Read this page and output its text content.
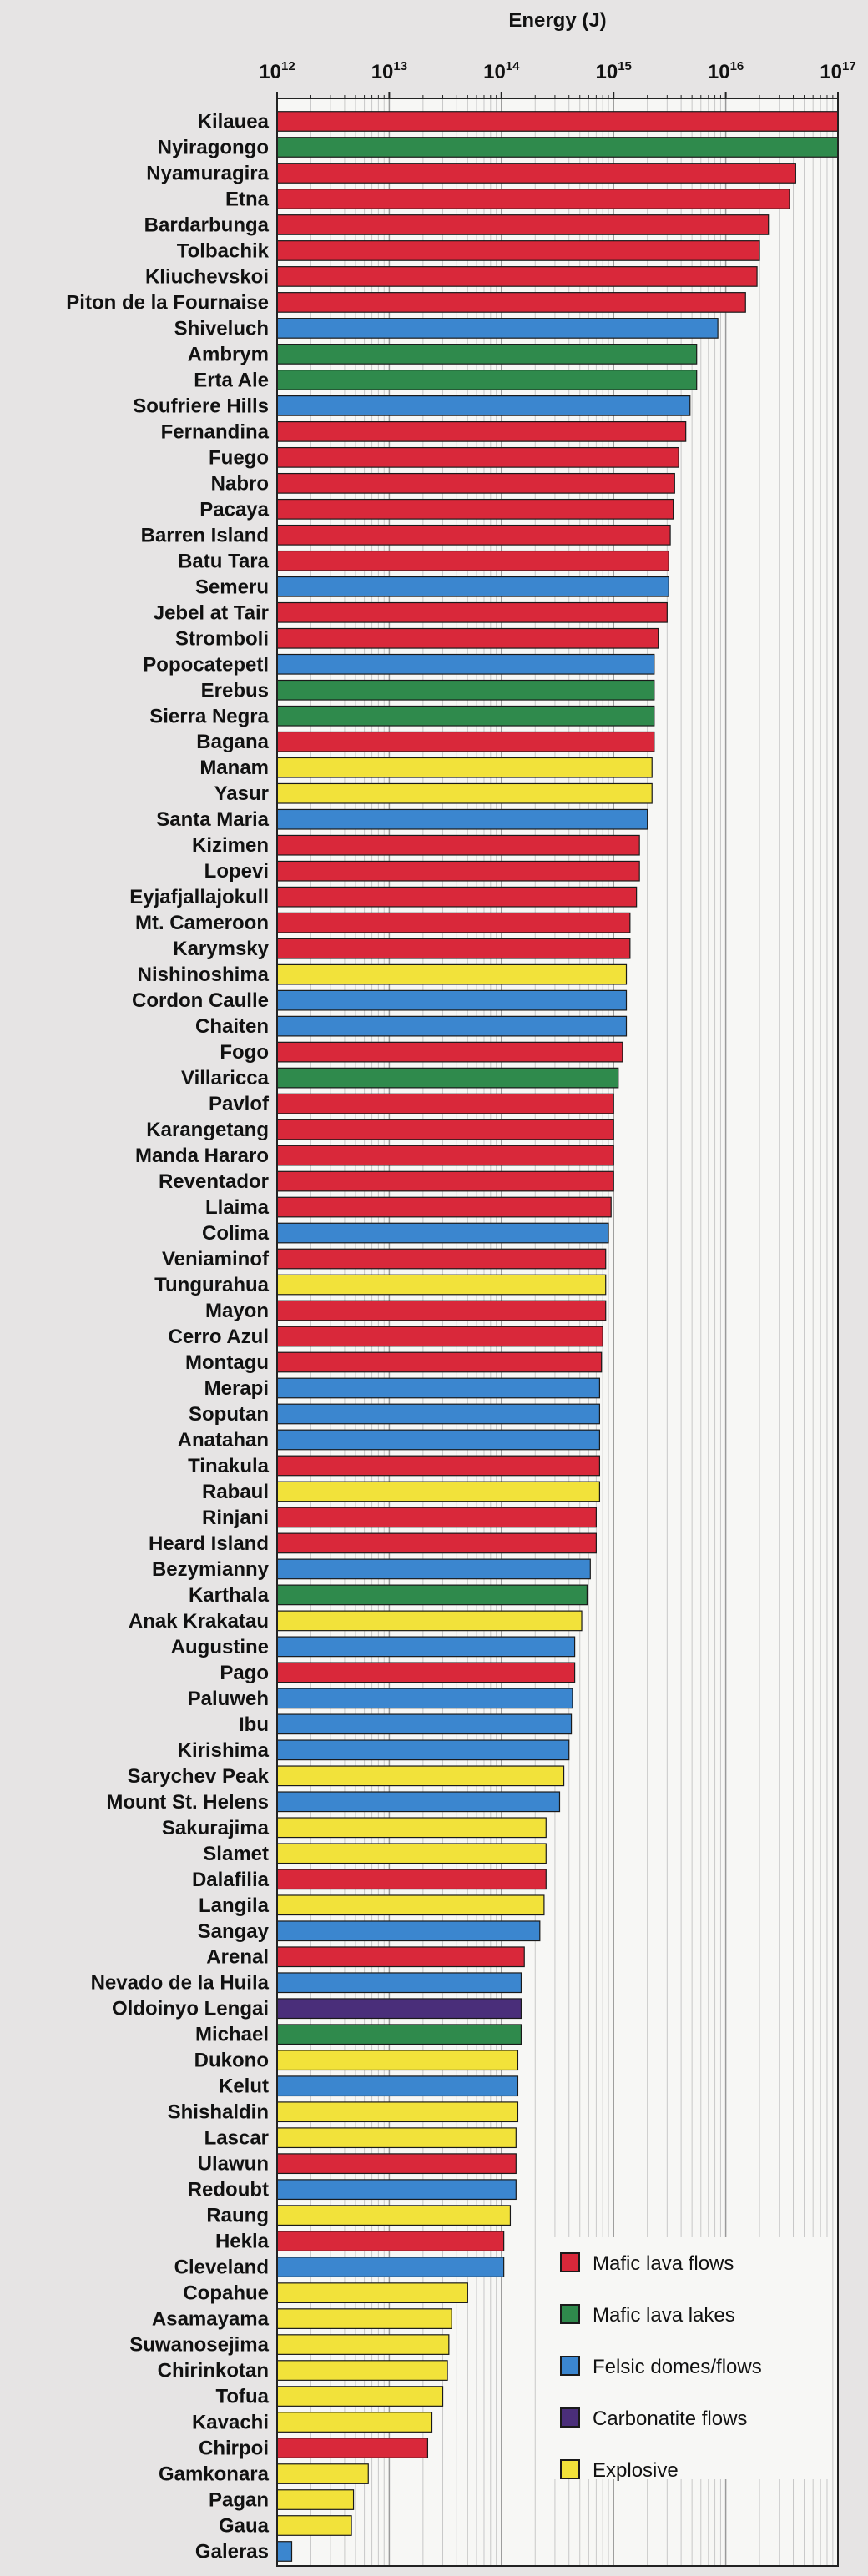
Kilauea
Nyiragongo
Nyamuragira
Etna
Bardarbunga
Tolbachik
Kliuchevskoi
Piton de la Fournaise
Shiveluch
Ambrym
Erta Ale
Soufriere Hills
Fernandina
Fuego
Nabro
Pacaya
Barren Island
Batu Tara
Semeru
Jebel at Tair
Stromboli
Popocatepetl
Erebus
Sierra Negra
Bagana
Manam
Yasur
Santa Maria
Kizimen
Lopevi
Eyjafjallajokull
Mt. Cameroon
Karymsky
Nishinoshima
Cordon Caulle
Chaiten
Fogo
Villaricca
Pavlof
Karangetang
Manda Hararo
Reventador
Llaima
Colima
Veniaminof
Tungurahua
Mayon
Cerro Azul
Montagu
Merapi
Soputan
Anatahan
Tinakula
Rabaul
Rinjani
Heard Island
Bezymianny
Karthala
Anak Krakatau
Augustine
Pago
Paluweh
Ibu
Kirishima
Sarychev Peak
Mount St. Helens
Sakurajima
Slamet
Dalafilia
Langila
Sangay
Arenal
Nevado de la Huila
Oldoinyo Lengai
Michael
Dukono
Kelut
Shishaldin
Lascar
Ulawun
Redoubt
Raung
Hekla
Cleveland
Copahue
Asamayama
Suwanosejima
Chirinkotan
Tofua
Kavachi
Chirpoi
Gamkonara
Pagan
Gaua
Galeras
$10^{12}$	$10^{13}$	$10^{14}$	$10^{15}$	$10^{16}$	$10^{17}$
Energy (J)
Mafic lava flows
Mafic lava lakes
Felsic domes/flows
Carbonatite flows
Explosive
